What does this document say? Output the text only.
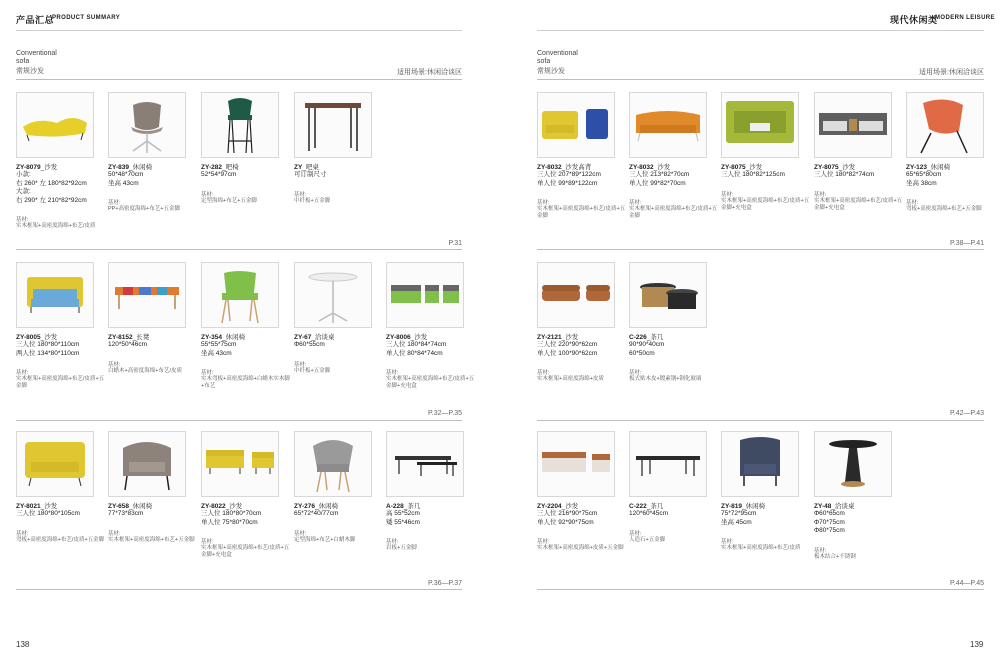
产品汇总
PRODUCT SUMMARY	现代休闲类
MODERN LEISURE
Conventional
sofa
常规沙发	适用场景:休闲洽谈区
Conventional
sofa
常规沙发	适用场景:休闲洽谈区
P.31
P.32—P.35
P.36—P.37
P.38—P.41
P.42—P.43
P.44—P.45
138	139
ZY-8079_沙发
小款:
右 260* 左 180*82*92cm
大款:
右 290* 左 210*82*92cm
基材:
实木框架+高密度海绵+布艺/皮质
ZY-839_休闲椅
50*48*70cm
坐高 43cm
基材:
PP+高密度海绵+布艺+五金脚
ZY-282_吧椅
52*54*97cm
基材:
定型海绵+布艺+五金脚
ZY_吧桌
可订制尺寸
基材:
中纤板+五金脚
ZY-8005_沙发
三人位 180*80*110cm
两人位 134*80*110cm
基材:
实木框架+高密度海绵+布艺/皮质+五金脚
ZY-8152_长凳
120*50*46cm
基材:
白蜡木+高密度海绵+布艺/皮质
ZY-354_休闲椅
55*55*75cm
坐高 43cm
基材:
实木弯板+高密度海绵+白蜡木实木脚+布艺
ZY-67_洽谈桌
Φ60*55cm
基材:
中纤板+五金脚
ZY-8006_沙发
三人位 180*84*74cm
单人位 80*84*74cm
基材:
实木框架+高密度海绵+布艺/皮质+五金脚+充电盒
ZY-8021_沙发
三人位 180*80*105cm
基材:
弯板+高密度海绵+布艺/皮质+五金脚
ZY-658_休闲椅
77*73*83cm
基材:
实木框架+高密度海绵+布艺+五金脚
ZY-8022_沙发
三人位 180*80*70cm
单人位 75*80*70cm
基材:
实木框架+高密度海绵+布艺/皮质+五金脚+充电盒
ZY-276_休闲椅
65*72*40/77cm
基材:
定型海绵+布艺+白蜡木脚
A-228_茶几
高 55*52cm
矮 55*46cm
基材:
岩板+五金脚
ZY-8032_沙发高背
三人位 207*89*122cm
单人位 99*89*122cm
基材:
实木框架+高密度海绵+布艺/皮质+五金脚
ZY-8032_沙发
三人位 213*82*70cm
单人位 99*82*70cm
基材:
实木框架+高密度海绵+布艺/皮质+五金脚
ZY-8075_沙发
三人位 180*82*125cm
基材:
实木框架+高密度海绵+布艺/皮质+五金脚+充电盒
ZY-8075_沙发
三人位 180*82*74cm
基材:
实木框架+高密度海绵+布艺/皮质+五金脚+充电盒
ZY-123_休闲椅
65*65*80cm
坐高 38cm
基材:
弯板+高密度海绵+布艺+五金脚
ZY-2121_沙发
三人位 220*90*62cm
单人位 100*90*62cm
基材:
实木框架+高密度海绵+皮质
C-226_茶几
90*90*40cm
60*50cm
基材:
板式贴木皮+镀素钢+钢化玻璃
ZY-2204_沙发
三人位 216*90*75cm
单人位 92*90*75cm
基材:
实木框架+高密度海绵+皮质+五金脚
C-222_茶几
120*60*45cm
基材:
人造石+五金脚
ZY-819_休闲椅
75*72*95cm
坐高 45cm
基材:
实木框架+高密度海绵+布艺/皮质
ZY-48_洽谈桌
Φ60*65cm
Φ70*75cm
Φ80*75cm
基材:
板木结合+不锈钢
